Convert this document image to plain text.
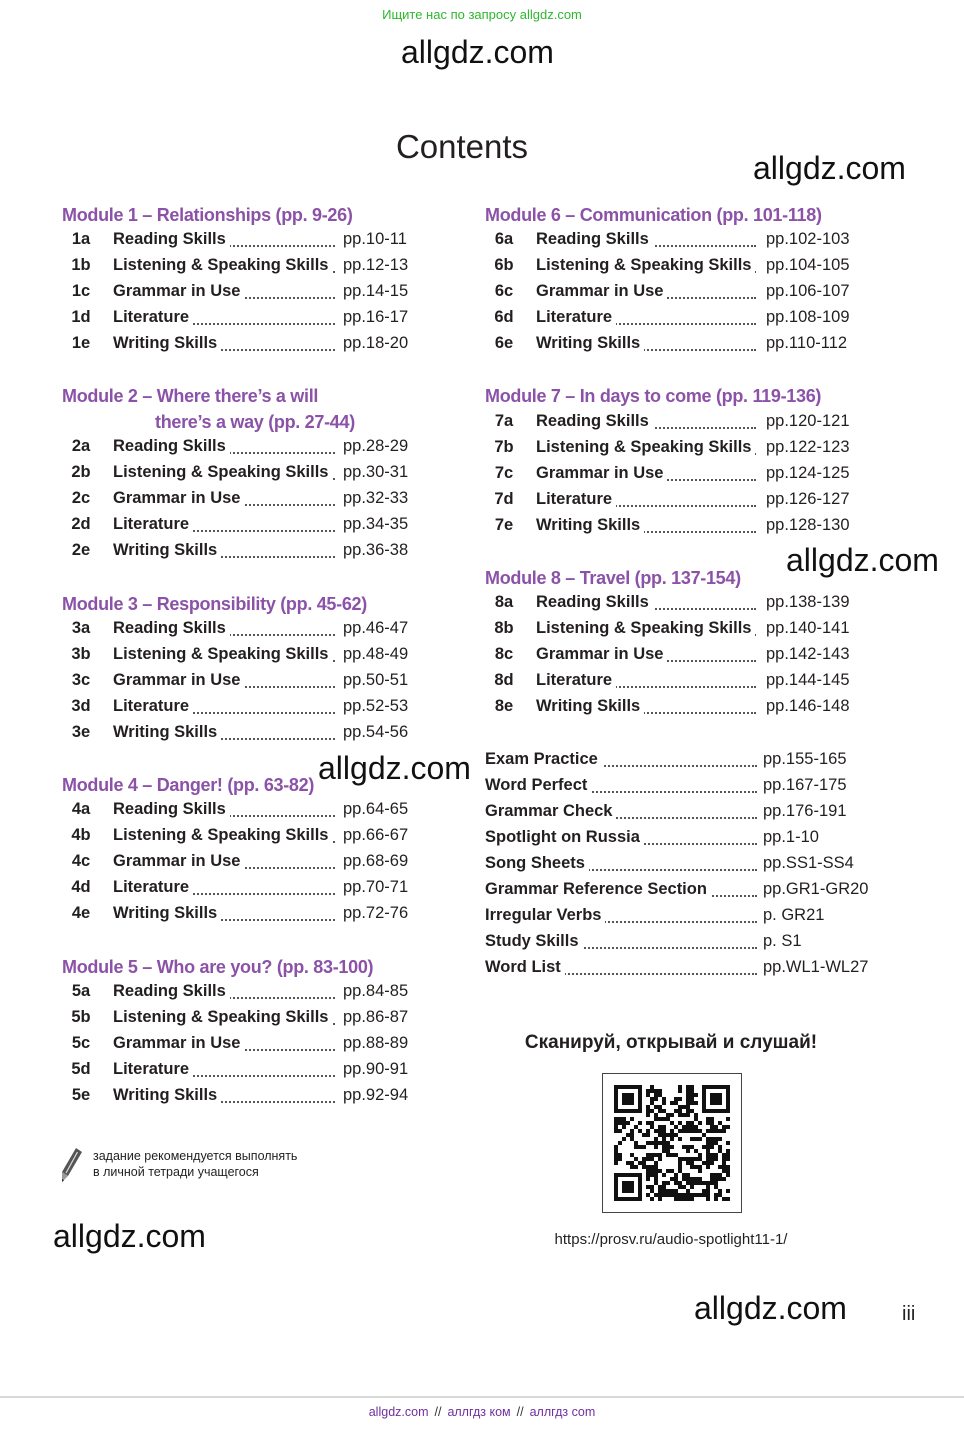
Ищите нас по запросу allgdz.com
allgdz.com
Contents
allgdz.com
allgdz.com
allgdz.com
allgdz.com
allgdz.com
Module 1 – Relationships (pp. 9-26)
1a Reading Skills	pp.10-11
1b Listening & Speaking Skills pp.12-13
1c Grammar in Use	pp.14-15
1d Literature	pp.16-17
1e Writing Skills	pp.18-20
Module 2 – Where there’s a will
there’s a way (pp. 27-44)
2a Reading Skills	pp.28-29
2b Listening & Speaking Skills pp.30-31
2c Grammar in Use	pp.32-33
2d Literature	pp.34-35
2e Writing Skills	pp.36-38
Module 3 – Responsibility (pp. 45-62)
3a Reading Skills	pp.46-47
3b Listening & Speaking Skills pp.48-49
3c Grammar in Use	pp.50-51
3d Literature	pp.52-53
3e Writing Skills	pp.54-56
Module 4 – Danger! (pp. 63-82)
4a Reading Skills	pp.64-65
4b Listening & Speaking Skills pp.66-67
4c Grammar in Use	pp.68-69
4d Literature	pp.70-71
4e Writing Skills	pp.72-76
Module 5 – Who are you? (pp. 83-100)
5a Reading Skills	pp.84-85
5b Listening & Speaking Skills pp.86-87
5c Grammar in Use	pp.88-89
5d Literature	pp.90-91
5e Writing Skills	pp.92-94
Module 6 – Communication (pp. 101-118)
6a Reading Skills	pp.102-103
6b Listening & Speaking Skills pp.104-105
6c Grammar in Use	pp.106-107
6d Literature	pp.108-109
6e Writing Skills	pp.110-112
Module 7 – In days to come (pp. 119-136)
7a Reading Skills	pp.120-121
7b Listening & Speaking Skills pp.122-123
7c Grammar in Use	pp.124-125
7d Literature	pp.126-127
7e Writing Skills	pp.128-130
Module 8 – Travel (pp. 137-154)
8a Reading Skills	pp.138-139
8b Listening & Speaking Skills pp.140-141
8c Grammar in Use	pp.142-143
8d Literature	pp.144-145
8e Writing Skills	pp.146-148
Exam Practice	pp.155-165
Word Perfect	pp.167-175
Grammar Check	pp.176-191
Spotlight on Russia	pp.1-10
Song Sheets	pp.SS1-SS4
Grammar Reference Section	pp.GR1-GR20
Irregular Verbs	p. GR21
Study Skills	p. S1
Word List	pp.WL1-WL27
задание рекомендуется выполнять
в личной тетради учащегося
Сканируй, открывай и слушай!
https://prosv.ru/audio-spotlight11-1/
iii
allgdz.com // аллгдз ком // аллгдз com
